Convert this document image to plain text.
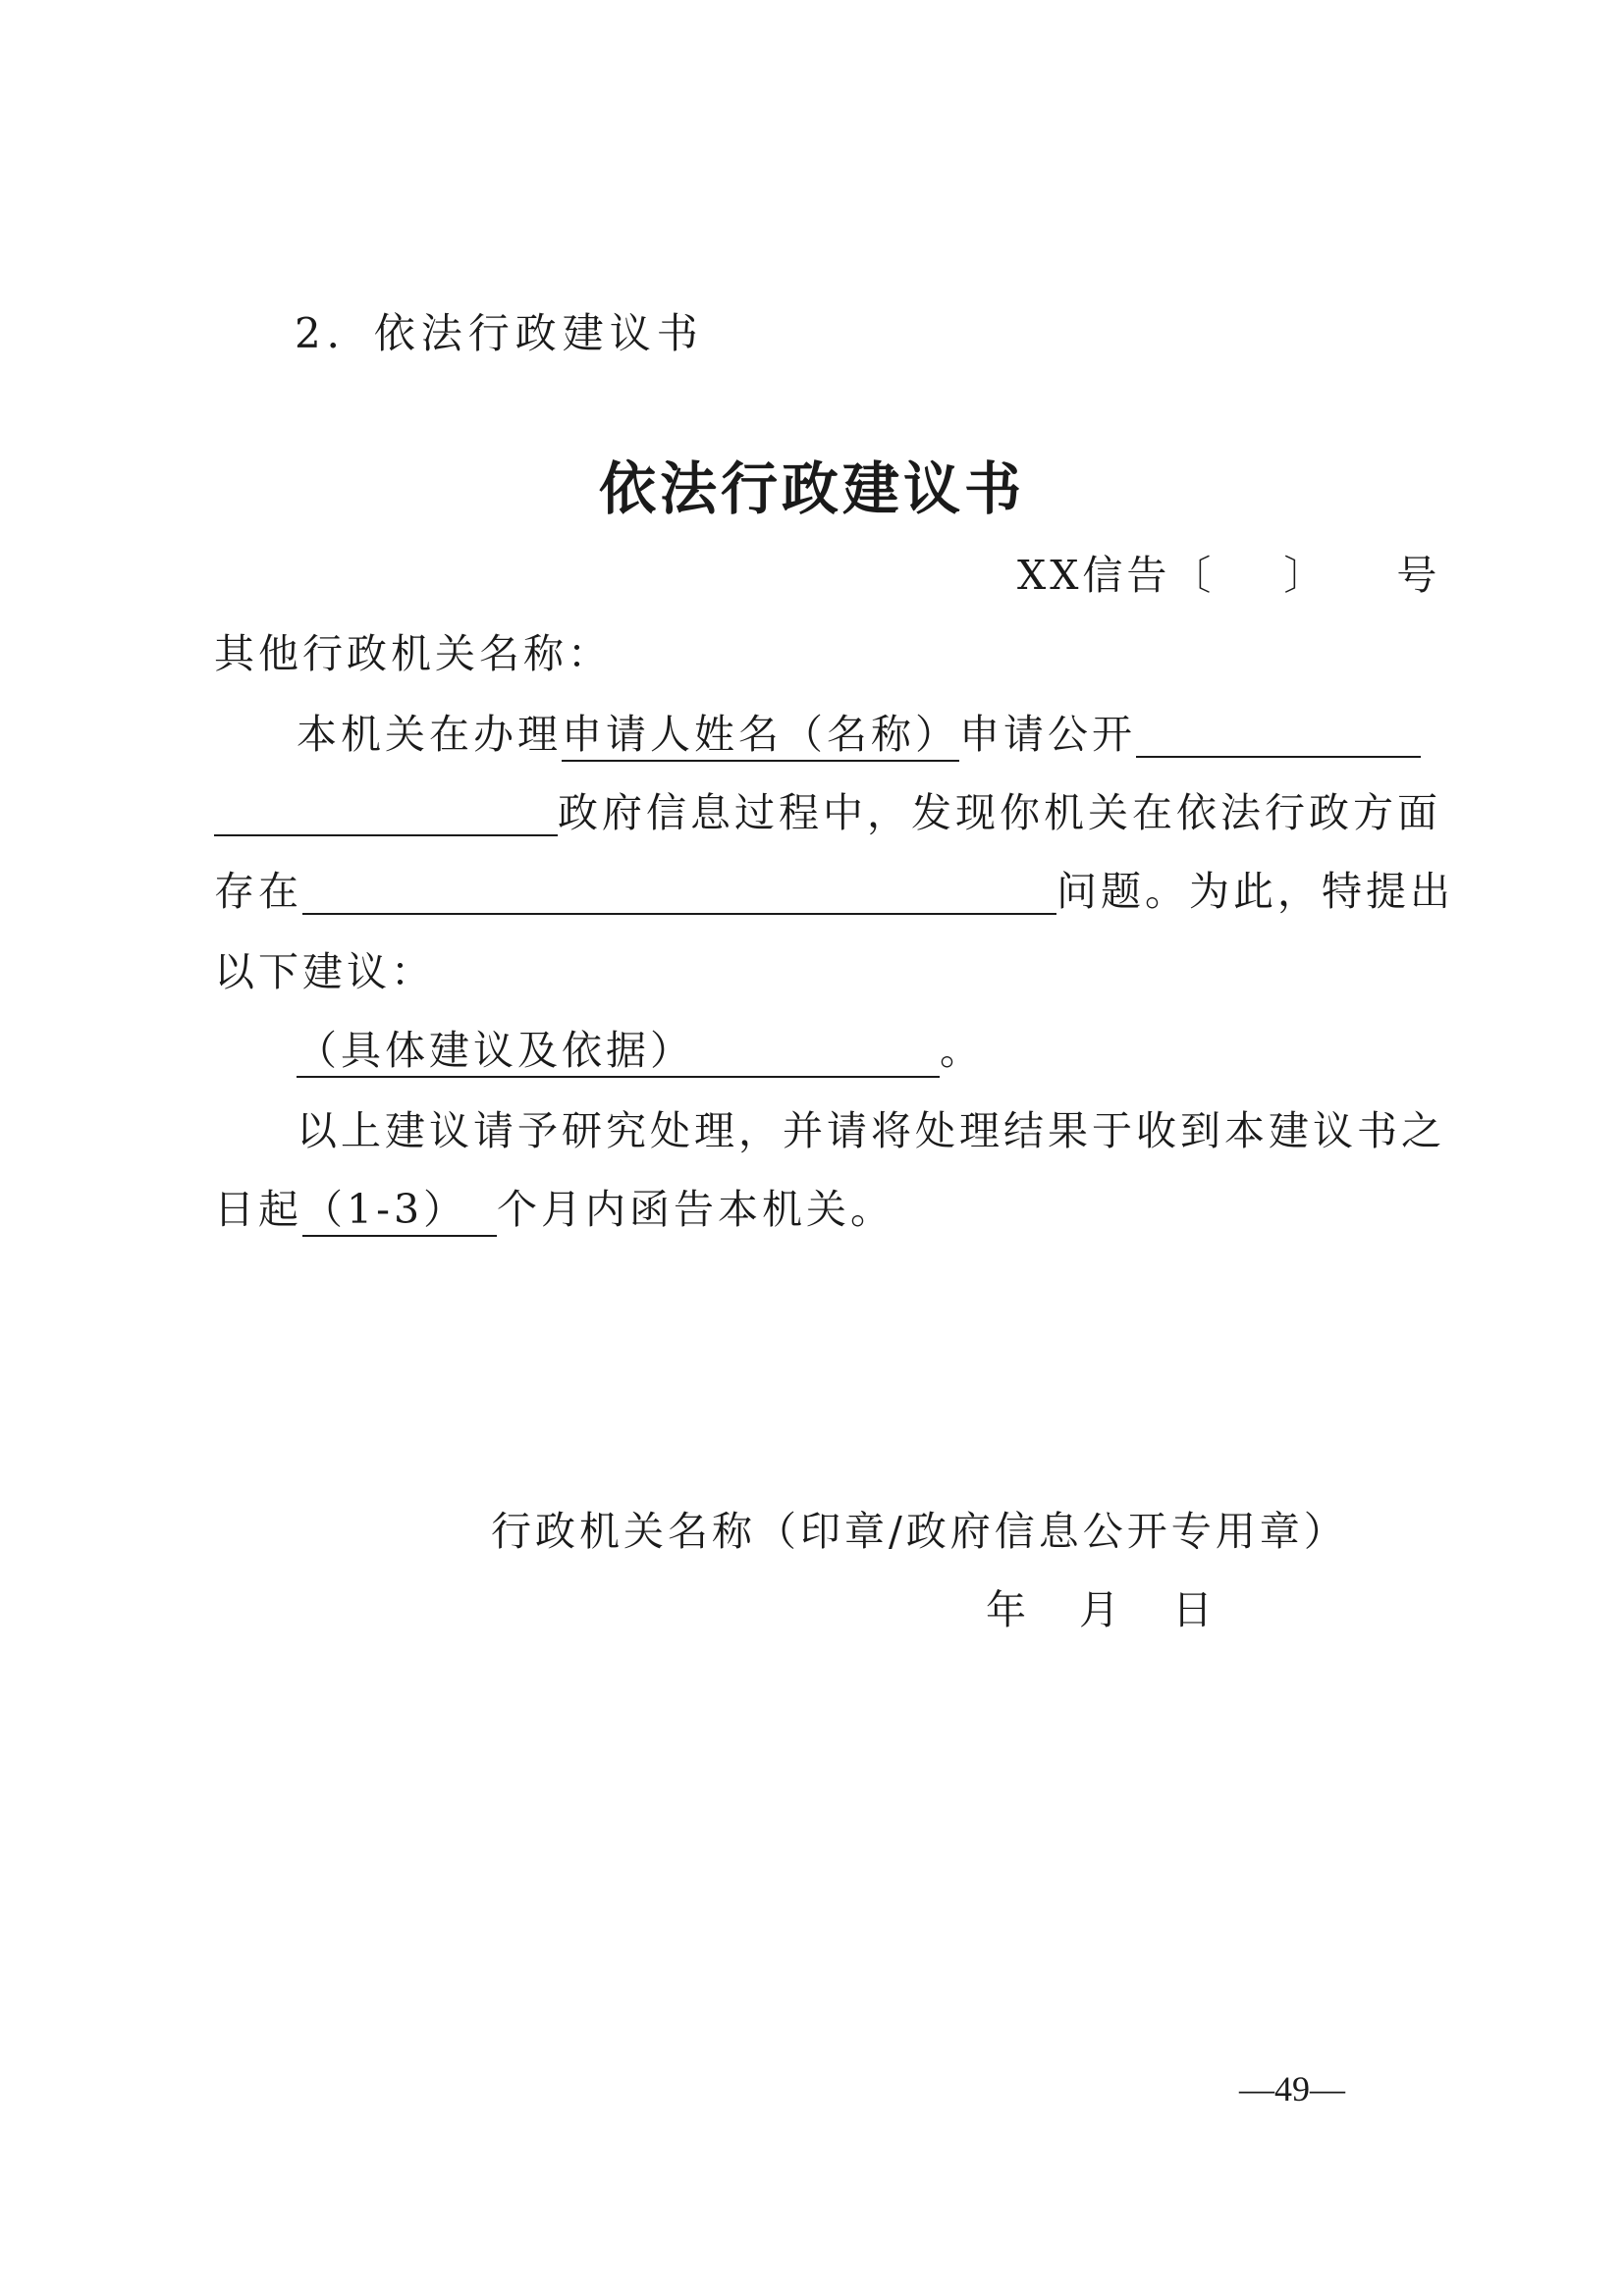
2．依法行政建议书
依法行政建议书
XX信告〔 〕 号
其他行政机关名称：
本机关在办理申请人姓名（名称）申请公开
政府信息过程中，发现你机关在依法行政方面
存在	问题。为此，特提出
以下建议：
（具体建议及依据）	。
以上建议请予研究处理，并请将处理结果于收到本建议书之
日起（1-3） 个月内函告本机关。
行政机关名称（印章/政府信息公开专用章）
年 月 日
—49—
